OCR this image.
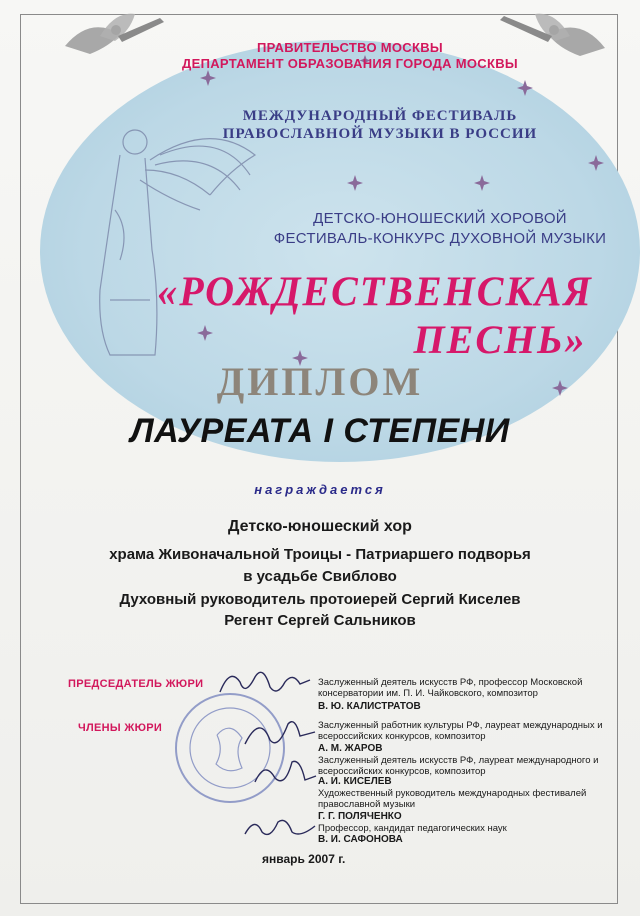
ПРАВИТЕЛЬСТВО МОСКВЫ
ДЕПАРТАМЕНТ ОБРАЗОВАНИЯ ГОРОДА МОСКВЫ
МЕЖДУНАРОДНЫЙ ФЕСТИВАЛЬ
ПРАВОСЛАВНОЙ МУЗЫКИ В РОССИИ
ДЕТСКО-ЮНОШЕСКИЙ ХОРОВОЙ
ФЕСТИВАЛЬ-КОНКУРС ДУХОВНОЙ МУЗЫКИ
«РОЖДЕСТВЕНСКАЯ
ПЕСНЬ»
ДИПЛОМ
ЛАУРЕАТА I СТЕПЕНИ
награждается
Детско-юношеский хор
храма Живоначальной Троицы - Патриаршего подворья
в усадьбе Свиблово
Духовный руководитель протоиерей Сергий Киселев
Регент Сергей Сальников
ПРЕДСЕДАТЕЛЬ ЖЮРИ
ЧЛЕНЫ ЖЮРИ
Заслуженный деятель искусств РФ, профессор Московской консерватории им. П. И. Чайковского, композитор
В. Ю. КАЛИСТРАТОВ
Заслуженный работник культуры РФ, лауреат международных и всероссийских конкурсов, композитор
А. М. ЖАРОВ
Заслуженный деятель искусств РФ, лауреат международного и всероссийских конкурсов, композитор
А. И. КИСЕЛЕВ
Художественный руководитель международных фестивалей православной музыки
Г. Г. ПОЛЯЧЕНКО
Профессор, кандидат педагогических наук
В. И. САФОНОВА
январь 2007 г.
